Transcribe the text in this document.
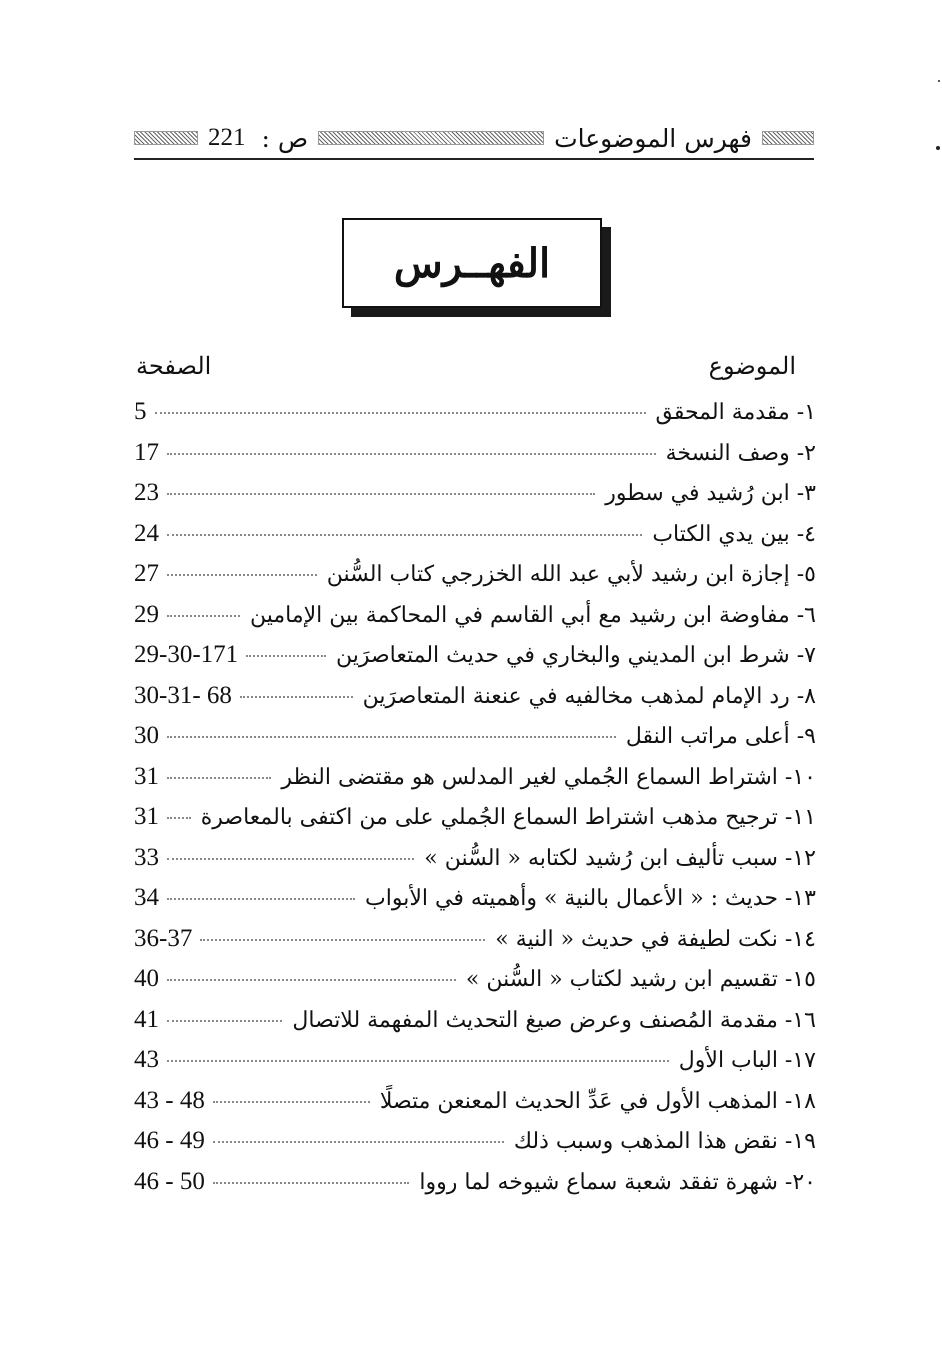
فهرس الموضوعات
ص :
221
الفهــرس
الموضوع
الصفحة
١- مقدمة المحقق
5
٢- وصف النسخة
17
٣- ابن رُشيد في سطور
23
٤- بين يدي الكتاب
24
٥- إجازة ابن رشيد لأبي عبد الله الخزرجي كتاب السُّنن
27
٦- مفاوضة ابن رشيد مع أبي القاسم في المحاكمة بين الإمامين
29
٧- شرط ابن المديني والبخاري في حديث المتعاصرَين
29-30-171
٨- رد الإمام لمذهب مخالفيه في عنعنة المتعاصرَين
30-31- 68
٩- أعلى مراتب النقل
30
١٠- اشتراط السماع الجُملي لغير المدلس هو مقتضى النظر
31
١١- ترجيح مذهب اشتراط السماع الجُملي على من اكتفى بالمعاصرة
31
١٢- سبب تأليف ابن رُشيد لكتابه « السُّنن »
33
١٣- حديث : « الأعمال بالنية » وأهميته في الأبواب
34
١٤- نكت لطيفة في حديث « النية »
36-37
١٥- تقسيم ابن رشيد لكتاب « السُّنن »
40
١٦- مقدمة المُصنف وعرض صيغ التحديث المفهمة للاتصال
41
١٧- الباب الأول
43
١٨- المذهب الأول في عَدِّ الحديث المعنعن متصلًا
43 - 48
١٩- نقض هذا المذهب وسبب ذلك
46 - 49
٢٠- شهرة تفقد شعبة سماع شيوخه لما رووا
46 - 50
